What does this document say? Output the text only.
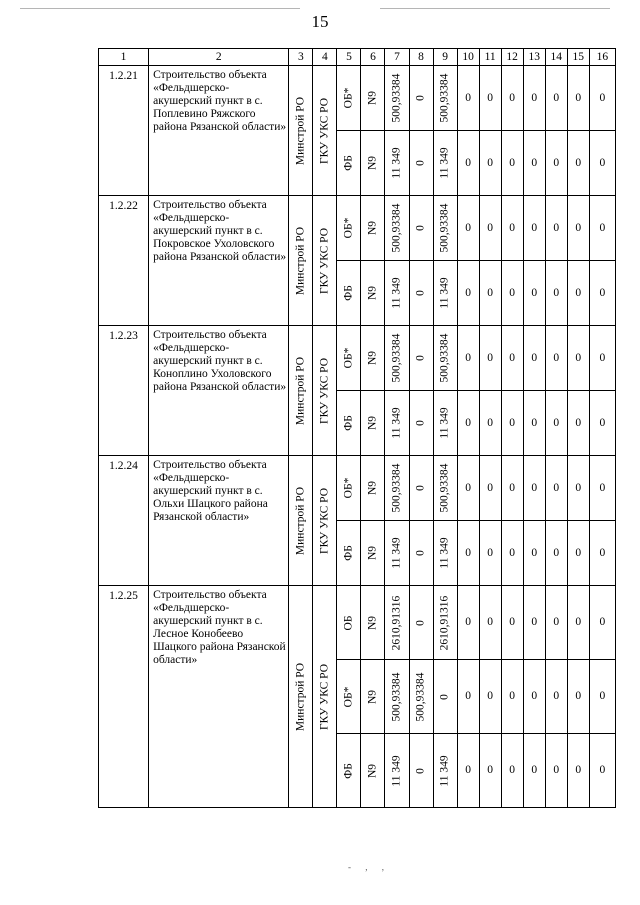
15
1	2	3	4	5	6	7	8	9	10	11	12	13	14	15	16
1.2.21	Строительство объекта «Фельдшерско-акушерский пункт в с. Поплевино Ряжского района Рязанской области»	Минстрой РО	ГКУ УКС РО	ОБ*	N9	500,93384	0	500,93384	0	0	0	0	0	0	0

				ФБ	N9	11 349	0	11 349	0	0	0	0	0	0	0
1.2.22	Строительство объекта «Фельдшерско-акушерский пункт в с. Покровское Ухоловского района Рязанской области»	Минстрой РО	ГКУ УКС РО	ОБ*	N9	500,93384	0	500,93384	0	0	0	0	0	0	0

				ФБ	N9	11 349	0	11 349	0	0	0	0	0	0	0
1.2.23	Строительство объекта «Фельдшерско-акушерский пункт в с. Коноплино Ухоловского района Рязанской области»	Минстрой РО	ГКУ УКС РО	ОБ*	N9	500,93384	0	500,93384	0	0	0	0	0	0	0

				ФБ	N9	11 349	0	11 349	0	0	0	0	0	0	0
1.2.24	Строительство объекта «Фельдшерско-акушерский пункт в с. Ольхи Шацкого района Рязанской области»	Минстрой РО	ГКУ УКС РО	ОБ*	N9	500,93384	0	500,93384	0	0	0	0	0	0	0

				ФБ	N9	11 349	0	11 349	0	0	0	0	0	0	0
1.2.25	Строительство объекта «Фельдшерско-акушерский пункт в с. Лесное Конобеево Шацкого района Рязанской области»	Минстрой РО	ГКУ УКС РО	ОБ	N9	2610,91316	0	2610,91316	0	0	0	0	0	0	0

				ОБ*	N9	500,93384	500,93384	0	0	0	0	0	0	0	0

				ФБ	N9	11 349	0	11 349	0	0	0	0	0	0	0
- , ,
